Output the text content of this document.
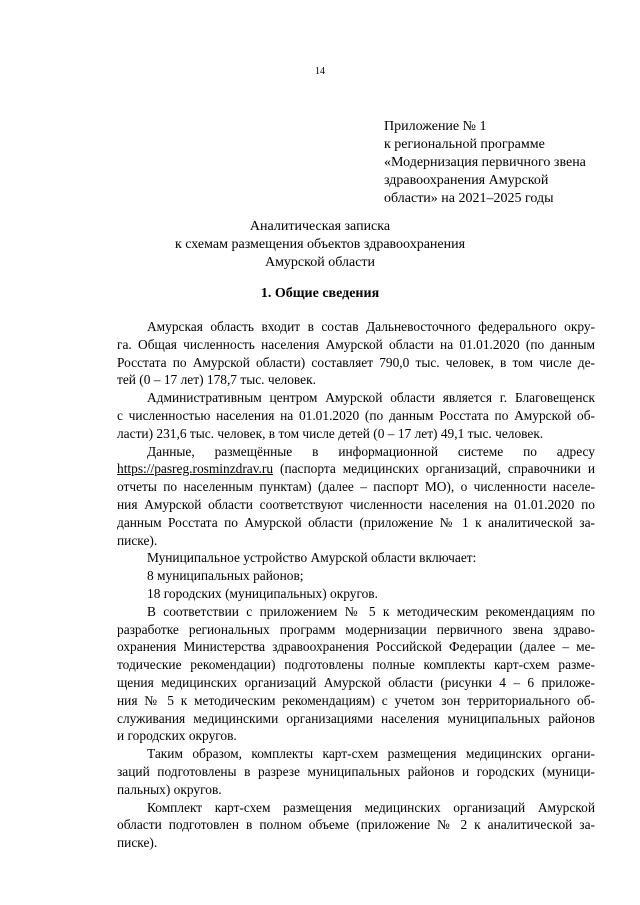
14
Приложение № 1
к региональной программе
«Модернизация первичного звена
здравоохранения Амурской
области» на 2021–2025 годы
Аналитическая записка
к схемам размещения объектов здравоохранения
Амурской области
1. Общие сведения

Амурская область входит в состав Дальневосточного федерального окру-
га. Общая численность населения Амурской области на 01.01.2020 (по данным
Росстата по Амурской области) составляет 790,0 тыс. человек, в том числе де-
тей (0 – 17 лет) 178,7 тыс. человек.

Административным центром Амурской области является г. Благовещенск
с численностью населения на 01.01.2020 (по данным Росстата по Амурской об-
ласти) 231,6 тыс. человек, в том числе детей (0 – 17 лет) 49,1 тыс. человек.

Данные, размещённые в информационной системе по адресу
https://pasreg.rosminzdrav.ru (паспорта медицинских организаций, справочники и
отчеты по населенным пунктам) (далее – паспорт МО), о численности населе-
ния Амурской области соответствуют численности населения на 01.01.2020 по
данным Росстата по Амурской области (приложение № 1 к аналитической за-
писке).

Муниципальное устройство Амурской области включает:

8 муниципальных районов;

18 городских (муниципальных) округов.

В соответствии с приложением № 5 к методическим рекомендациям по
разработке региональных программ модернизации первичного звена здраво-
охранения Министерства здравоохранения Российской Федерации (далее – ме-
тодические рекомендации) подготовлены полные комплекты карт-схем разме-
щения медицинских организаций Амурской области (рисунки 4 – 6 приложе-
ния № 5 к методическим рекомендациям) с учетом зон территориального об-
служивания медицинскими организациями населения муниципальных районов
и городских округов.

Таким образом, комплекты карт-схем размещения медицинских органи-
заций подготовлены в разрезе муниципальных районов и городских (муници-
пальных) округов.

Комплект карт-схем размещения медицинских организаций Амурской
области подготовлен в полном объеме (приложение № 2 к аналитической за-
писке).
